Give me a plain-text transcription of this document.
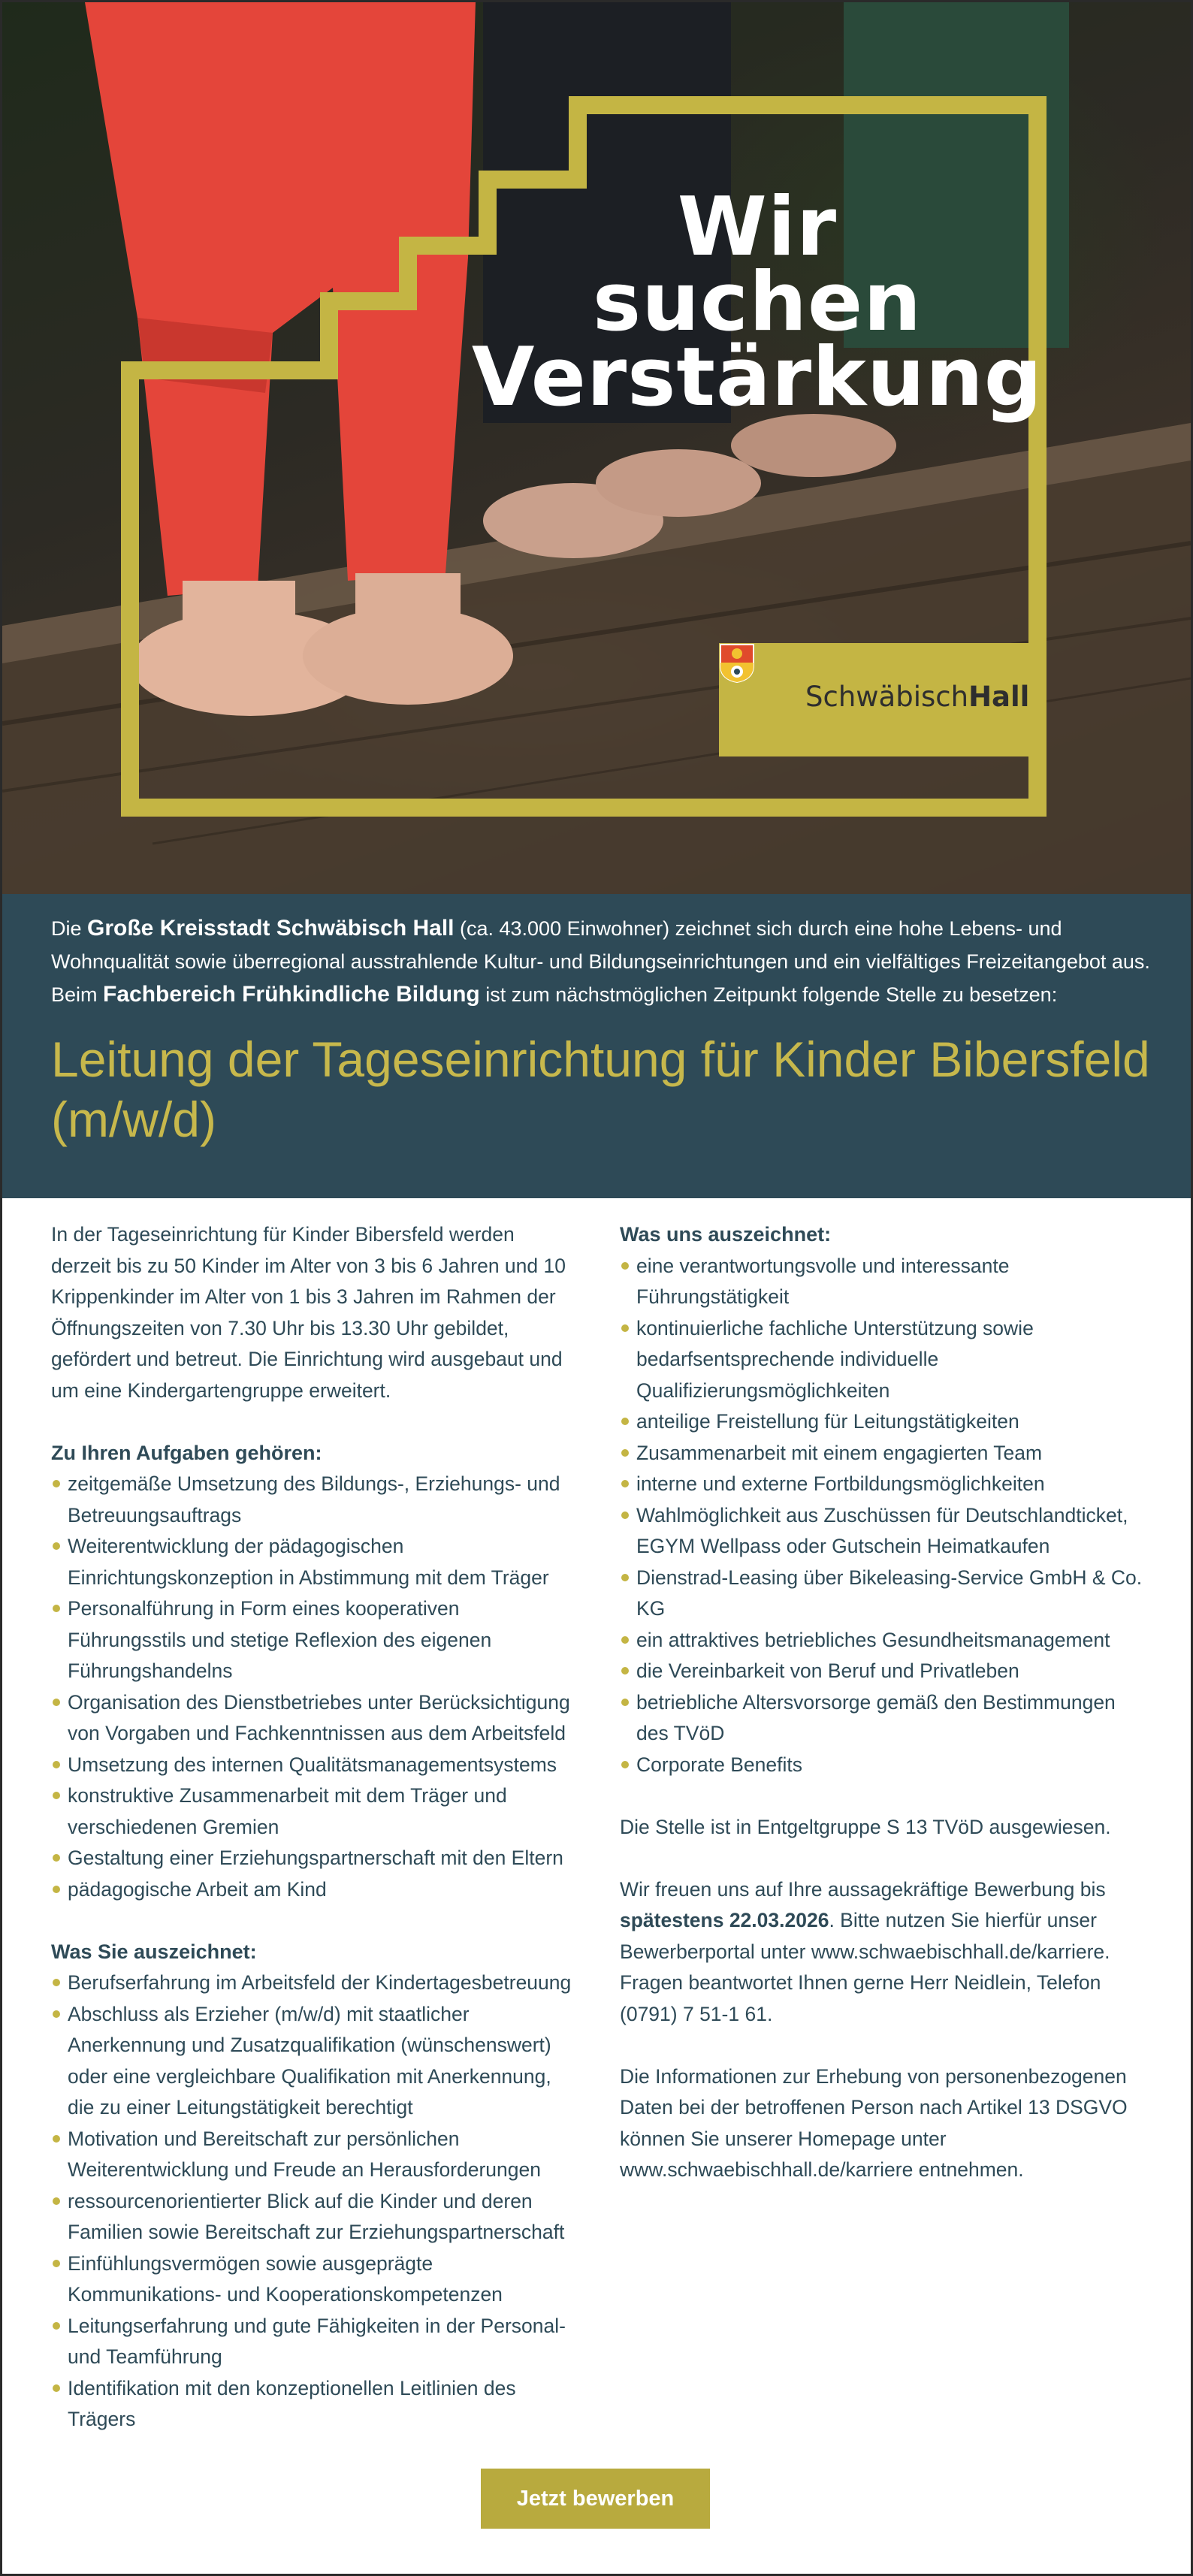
Wir
suchen
Verstärkung
SchwäbischHall

Die Große Kreisstadt Schwäbisch Hall (ca. 43.000 Einwohner) zeichnet sich durch eine hohe Lebens- und Wohnqualität sowie überregional ausstrahlende Kultur- und Bildungseinrichtungen und ein vielfältiges Freizeitangebot aus.
Beim Fachbereich Frühkindliche Bildung ist zum nächstmöglichen Zeitpunkt folgende Stelle zu besetzen:

Leitung der Tageseinrichtung für Kinder Bibersfeld (m/w/d)

In der Tageseinrichtung für Kinder Bibersfeld werden derzeit bis zu 50 Kinder im Alter von 3 bis 6 Jahren und 10 Krippenkinder im Alter von 1 bis 3 Jahren im Rahmen der Öffnungszeiten von 7.30 Uhr bis 13.30 Uhr gebildet, gefördert und betreut. Die Einrichtung wird ausgebaut und um eine Kindergartengruppe erweitert.

Zu Ihren Aufgaben gehören:
zeitgemäße Umsetzung des Bildungs-, Erziehungs- und Betreuungsauftrags
Weiterentwicklung der pädagogischen Einrichtungskonzeption in Abstimmung mit dem Träger
Personalführung in Form eines kooperativen Führungsstils und stetige Reflexion des eigenen Führungshandelns
Organisation des Dienstbetriebes unter Berücksichtigung von Vorgaben und Fachkenntnissen aus dem Arbeitsfeld
Umsetzung des internen Qualitätsmanagementsystems
konstruktive Zusammenarbeit mit dem Träger und verschiedenen Gremien
Gestaltung einer Erziehungspartnerschaft mit den Eltern
pädagogische Arbeit am Kind
Was Sie auszeichnet:
Berufserfahrung im Arbeitsfeld der Kindertagesbetreuung
Abschluss als Erzieher (m/w/d) mit staatlicher Anerkennung und Zusatzqualifikation (wünschenswert) oder eine vergleichbare Qualifikation mit Anerkennung, die zu einer Leitungstätigkeit berechtigt
Motivation und Bereitschaft zur persönlichen Weiterentwicklung und Freude an Herausforderungen
ressourcenorientierter Blick auf die Kinder und deren Familien sowie Bereitschaft zur Erziehungspartnerschaft
Einfühlungsvermögen sowie ausgeprägte Kommunikations- und Kooperationskompetenzen
Leitungserfahrung und gute Fähigkeiten in der Personal- und Teamführung
Identifikation mit den konzeptionellen Leitlinien des Trägers
Was uns auszeichnet:
eine verantwortungsvolle und interessante Führungstätigkeit
kontinuierliche fachliche Unterstützung sowie bedarfsentsprechende individuelle Qualifizierungsmöglichkeiten
anteilige Freistellung für Leitungstätigkeiten
Zusammenarbeit mit einem engagierten Team
interne und externe Fortbildungsmöglichkeiten
Wahlmöglichkeit aus Zuschüssen für Deutschlandticket, EGYM Wellpass oder Gutschein Heimatkaufen
Dienstrad-Leasing über Bikeleasing-Service GmbH & Co. KG
ein attraktives betriebliches Gesundheitsmanagement
die Vereinbarkeit von Beruf und Privatleben
betriebliche Altersvorsorge gemäß den Bestimmungen des TVöD
Corporate Benefits

Die Stelle ist in Entgeltgruppe S 13 TVöD ausgewiesen.

Wir freuen uns auf Ihre aussagekräftige Bewerbung bis spätestens 22.03.2026. Bitte nutzen Sie hierfür unser Bewerberportal unter www.schwaebischhall.de/karriere. Fragen beantwortet Ihnen gerne Herr Neidlein, Telefon (0791) 7 51-1 61.

Die Informationen zur Erhebung von personenbezogenen Daten bei der betroffenen Person nach Artikel 13 DSGVO können Sie unserer Homepage unter www.schwaebischhall.de/karriere entnehmen.

Jetzt bewerben
